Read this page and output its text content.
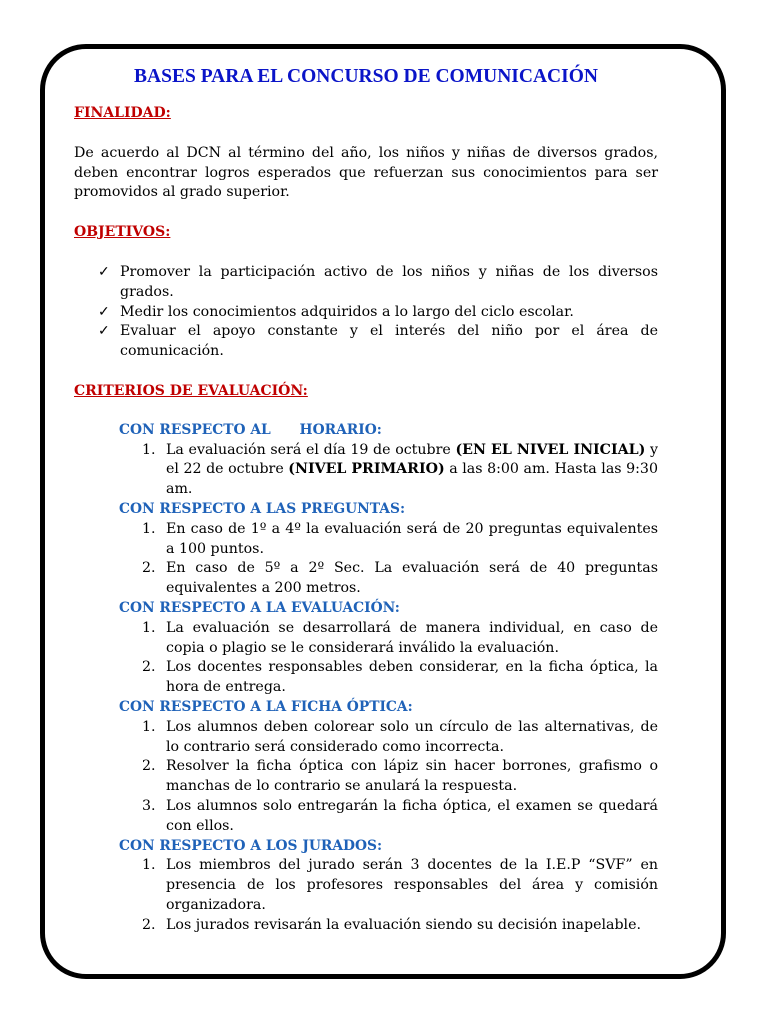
BASES PARA EL CONCURSO DE COMUNICACIÓN
FINALIDAD:

De acuerdo al DCN al término del año, los niños y niñas de diversos grados, deben encontrar logros esperados que refuerzan sus conocimientos para ser promovidos al grado superior.

OBJETIVOS:
✓ Promover la participación activo de los niños y niñas de los diversos grados.
✓ Medir los conocimientos adquiridos a lo largo del ciclo escolar.
✓ Evaluar el apoyo constante y el interés del niño por el área de comunicación.
CRITERIOS DE EVALUACIÓN:
CON RESPECTO AL      HORARIO:
1. La evaluación será el día 19 de octubre (EN EL NIVEL INICIAL) y el 22 de octubre (NIVEL PRIMARIO) a las 8:00 am. Hasta las 9:30 am.
CON RESPECTO A LAS PREGUNTAS:
1. En caso de 1º a 4º la evaluación será de 20 preguntas equivalentes a 100 puntos.
2. En caso de 5º a 2º Sec. La evaluación será de 40 preguntas equivalentes a 200 metros.
CON RESPECTO A LA EVALUACIÓN:
1. La evaluación se desarrollará de manera individual, en caso de copia o plagio se le considerará inválido la evaluación.
2. Los docentes responsables deben considerar, en la ficha óptica, la hora de entrega.
CON RESPECTO A LA FICHA ÓPTICA:
1. Los alumnos deben colorear solo un círculo de las alternativas, de lo contrario será considerado como incorrecta.
2. Resolver la ficha óptica con lápiz sin hacer borrones, grafismo o manchas de lo contrario se anulará la respuesta.
3. Los alumnos solo entregarán la ficha óptica, el examen se quedará con ellos.
CON RESPECTO A LOS JURADOS:
1. Los miembros del jurado serán 3 docentes de la I.E.P “SVF” en presencia de los profesores responsables del área y comisión organizadora.
2. Los jurados revisarán la evaluación siendo su decisión inapelable.
